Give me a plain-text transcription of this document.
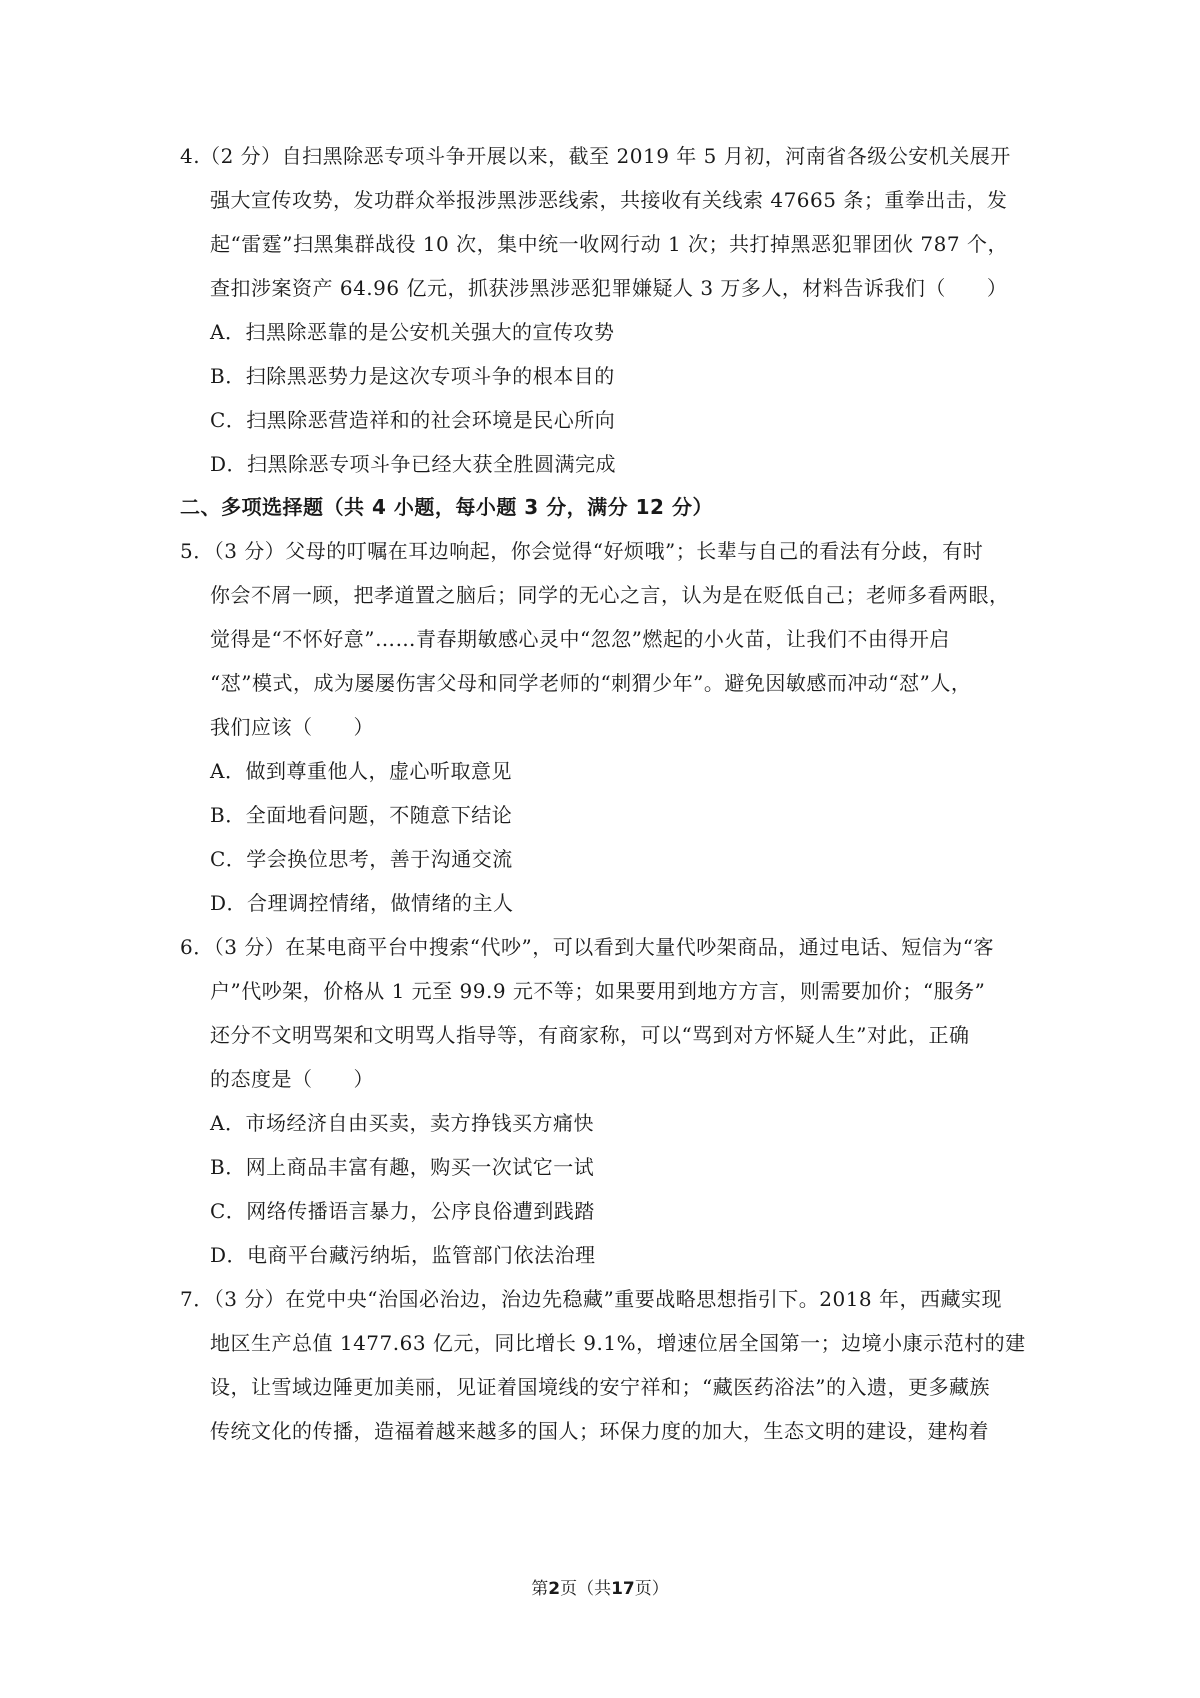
4.（2 分）自扫黑除恶专项斗争开展以来，截至 2019 年 5 月初，河南省各级公安机关展开
强大宣传攻势，发功群众举报涉黑涉恶线索，共接收有关线索 47665 条；重拳出击，发
起“雷霆”扫黑集群战役 10 次，集中统一收网行动 1 次；共打掉黑恶犯罪团伙 787 个，
查扣涉案资产 64.96 亿元，抓获涉黑涉恶犯罪嫌疑人 3 万多人，材料告诉我们（　　）
A．扫黑除恶靠的是公安机关强大的宣传攻势
B．扫除黑恶势力是这次专项斗争的根本目的
C．扫黑除恶营造祥和的社会环境是民心所向
D．扫黑除恶专项斗争已经大获全胜圆满完成
二、多项选择题（共 4 小题，每小题 3 分，满分 12 分）
5．（3 分）父母的叮嘱在耳边响起，你会觉得“好烦哦”；长辈与自己的看法有分歧，有时
你会不屑一顾，把孝道置之脑后；同学的无心之言，认为是在贬低自己；老师多看两眼，
觉得是“不怀好意”……青春期敏感心灵中“忽忽”燃起的小火苗，让我们不由得开启
“怼”模式，成为屡屡伤害父母和同学老师的“刺猬少年”。避免因敏感而冲动“怼”人，
我们应该（　　）
A．做到尊重他人，虚心听取意见
B．全面地看问题，不随意下结论
C．学会换位思考，善于沟通交流
D．合理调控情绪，做情绪的主人
6．（3 分）在某电商平台中搜索“代吵”，可以看到大量代吵架商品，通过电话、短信为“客
户”代吵架，价格从 1 元至 99.9 元不等；如果要用到地方方言，则需要加价；“服务”
还分不文明骂架和文明骂人指导等，有商家称，可以“骂到对方怀疑人生”对此，正确
的态度是（　　）
A．市场经济自由买卖，卖方挣钱买方痛快
B．网上商品丰富有趣，购买一次试它一试
C．网络传播语言暴力，公序良俗遭到践踏
D．电商平台藏污纳垢，监管部门依法治理
7．（3 分）在党中央“治国必治边，治边先稳藏”重要战略思想指引下。2018 年，西藏实现
地区生产总值 1477.63 亿元，同比增长 9.1%，增速位居全国第一；边境小康示范村的建
设，让雪域边陲更加美丽，见证着国境线的安宁祥和；“藏医药浴法”的入遗，更多藏族
传统文化的传播，造福着越来越多的国人；环保力度的加大，生态文明的建设，建构着
第2页（共17页）
